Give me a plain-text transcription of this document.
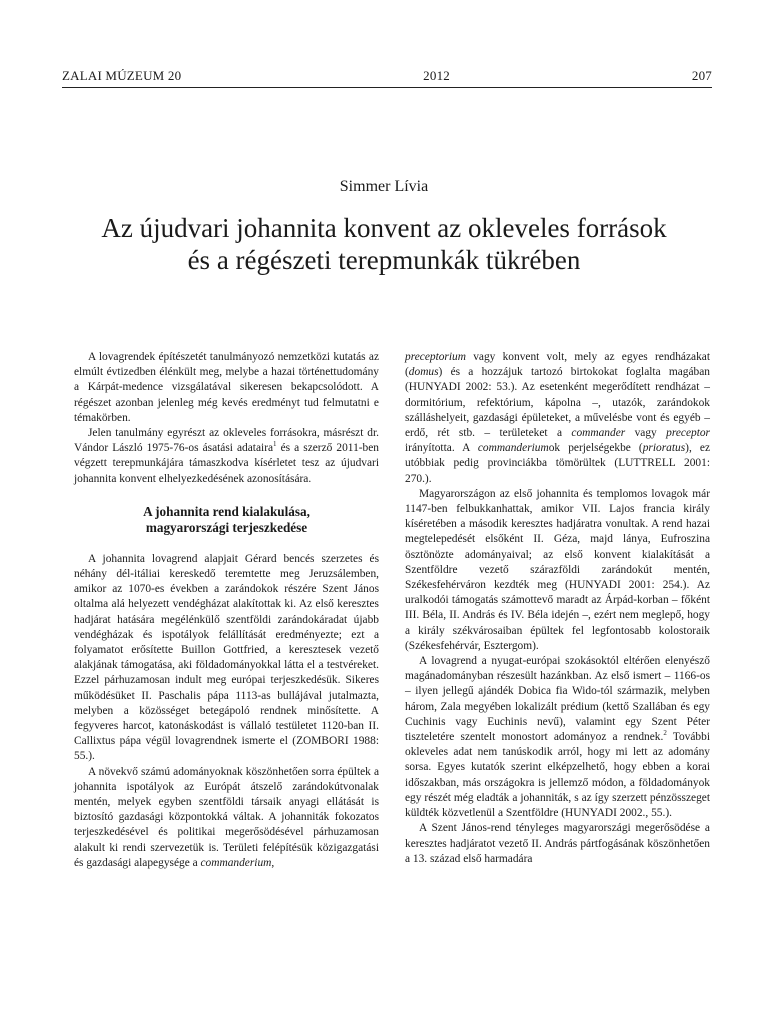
ZALAI MÚZEUM 20	2012	207
Simmer Lívia
Az újudvari johannita konvent az okleveles források
és a régészeti terepmunkák tükrében

A lovagrendek építészetét tanulmányozó nemzetközi kutatás az elmúlt évtizedben élénkült meg, melybe a hazai történettudomány a Kárpát-medence vizsgálatával sikeresen bekapcsolódott. A régészet azonban jelenleg még kevés eredményt tud felmutatni e témakörben.

Jelen tanulmány egyrészt az okleveles forrásokra, másrészt dr. Vándor László 1975-76-os ásatási adataira$^1$ és a szerző 2011-ben végzett terepmunkájára támaszkodva kísérletet tesz az újudvari johannita konvent elhelyezkedésének azonosítására.

A johannita rend kialakulása,
magyarországi terjeszkedése

A johannita lovagrend alapjait Gérard bencés szerzetes és néhány dél-itáliai kereskedő teremtette meg Jeruzsálemben, amikor az 1070-es években a zarándokok részére Szent János oltalma alá helyezett vendégházat alakítottak ki. Az első keresztes hadjárat hatására megélénkülő szentföldi zarándokáradat újabb vendégházak és ispotályok felállítását eredményezte; ezt a folyamatot erősítette Buillon Gottfried, a keresztesek vezető alakjának támogatása, aki földadományokkal látta el a testvéreket. Ezzel párhuzamosan indult meg európai terjeszkedésük. Sikeres működésüket II. Paschalis pápa 1113-as bullájával jutalmazta, melyben a közösséget betegápoló rendnek minősítette. A fegyveres harcot, katonáskodást is vállaló testületet 1120-ban II. Callixtus pápa végül lovagrendnek ismerte el (ZOMBORI 1988: 55.).

A növekvő számú adományoknak köszönhetően sorra épültek a johannita ispotályok az Európát átszelő zarándokútvonalak mentén, melyek egyben szentföldi társaik anyagi ellátását is biztosító gazdasági központokká váltak. A johanniták fokozatos terjeszkedésével és politikai megerősödésével párhuzamosan alakult ki rendi szervezetük is. Területi felépítésük közigazgatási és gazdasági alapegysége a commanderium,

preceptorium vagy konvent volt, mely az egyes rendházakat (domus) és a hozzájuk tartozó birtokokat foglalta magában (HUNYADI 2002: 53.). Az esetenként megerődített rendházat – dormitórium, refektórium, kápolna –, utazók, zarándokok szálláshelyeit, gazdasági épületeket, a művelésbe vont és egyéb – erdő, rét stb. – területeket a commander vagy preceptor irányította. A commanderiumok perjelségekbe (prioratus), ez utóbbiak pedig provinciákba tömörültek (LUTTRELL 2001: 270.).

Magyarországon az első johannita és templomos lovagok már 1147-ben felbukkanhattak, amikor VII. Lajos francia király kíséretében a második keresztes hadjáratra vonultak. A rend hazai megtelepedését elsőként II. Géza, majd lánya, Eufroszina ösztönözte adományaival; az első konvent kialakítását a Szentföldre vezető szárazföldi zarándokút mentén, Székesfehérváron kezdték meg (HUNYADI 2001: 254.). Az uralkodói támogatás számottevő maradt az Árpád-korban – főként III. Béla, II. András és IV. Béla idején –, ezért nem meglepő, hogy a király székvárosaiban épültek fel legfontosabb kolostoraik (Székesfehérvár, Esztergom).

A lovagrend a nyugat-európai szokásoktól eltérően elenyésző magánadományban részesült hazánkban. Az első ismert – 1166-os – ilyen jellegű ajándék Dobica fia Wido-tól származik, melyben három, Zala megyében lokalizált prédium (kettő Szallában és egy Cuchinis vagy Euchinis nevű), valamint egy Szent Péter tiszteletére szentelt monostort adományoz a rendnek.$^2$ További okleveles adat nem tanúskodik arról, hogy mi lett az adomány sorsa. Egyes kutatók szerint elképzelhető, hogy ebben a korai időszakban, más országokra is jellemző módon, a földadományok egy részét még eladták a johanniták, s az így szerzett pénzösszeget küldték közvetlenül a Szentföldre (HUNYADI 2002., 55.).

A Szent János-rend tényleges magyarországi megerősödése a keresztes hadjáratot vezető II. András pártfogásának köszönhetően a 13. század első harmadára
